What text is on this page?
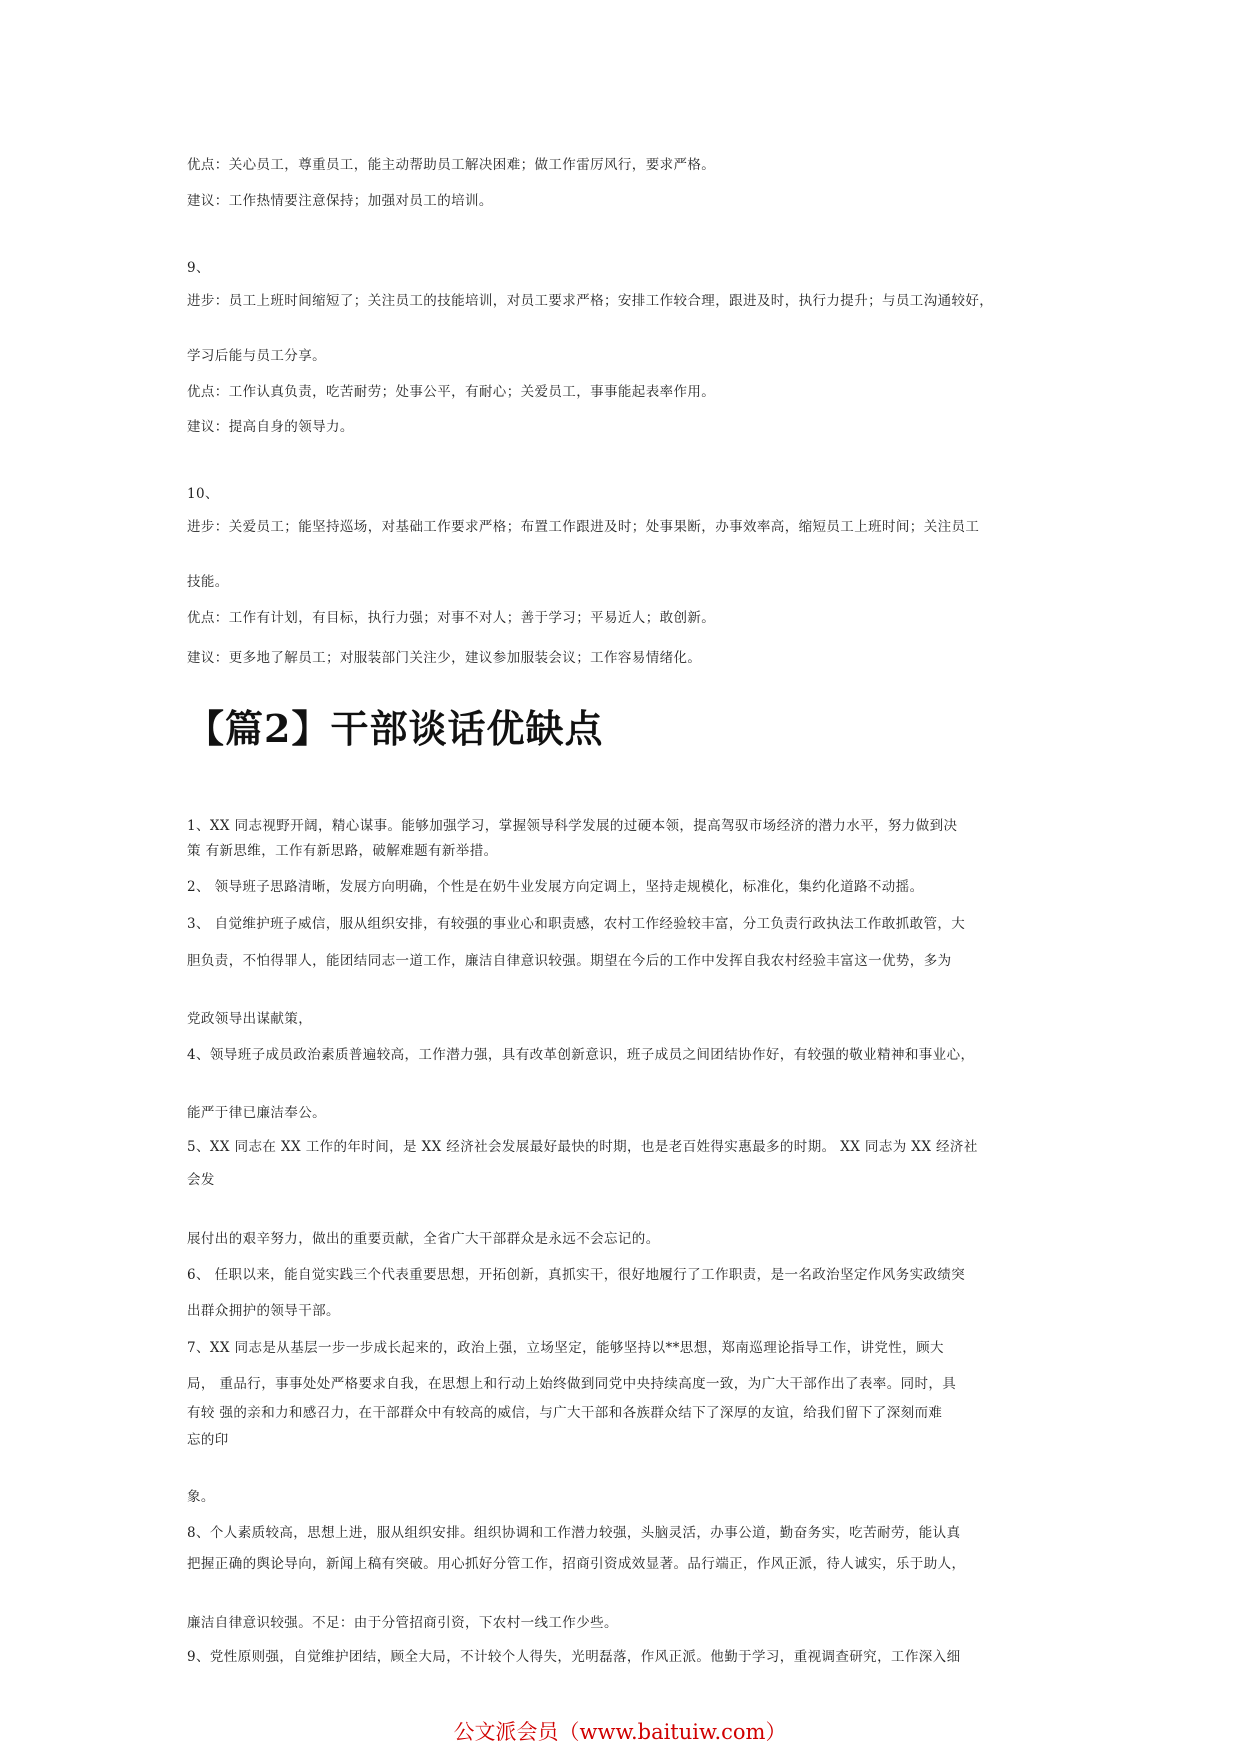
优点：关心员工，尊重员工，能主动帮助员工解决困难；做工作雷厉风行，要求严格。
建议：工作热情要注意保持；加强对员工的培训。
9、
进步：员工上班时间缩短了；关注员工的技能培训，对员工要求严格；安排工作较合理，跟进及时，执行力提升；与员工沟通较好，
学习后能与员工分享。
优点：工作认真负责，吃苦耐劳；处事公平，有耐心；关爱员工，事事能起表率作用。
建议：提高自身的领导力。
10、
进步：关爱员工；能坚持巡场，对基础工作要求严格；布置工作跟进及时；处事果断，办事效率高，缩短员工上班时间；关注员工
技能。
优点：工作有计划，有目标，执行力强；对事不对人；善于学习；平易近人；敢创新。
建议：更多地了解员工；对服装部门关注少，建议参加服装会议；工作容易情绪化。
【篇2】干部谈话优缺点
1、XX 同志视野开阔，精心谋事。能够加强学习，掌握领导科学发展的过硬本领，提高驾驭市场经济的潜力水平，努力做到决
策 有新思维，工作有新思路，破解难题有新举措。
2、 领导班子思路清晰，发展方向明确，个性是在奶牛业发展方向定调上，坚持走规模化，标准化，集约化道路不动摇。
3、 自觉维护班子威信，服从组织安排，有较强的事业心和职责感，农村工作经验较丰富，分工负责行政执法工作敢抓敢管，大
胆负责，不怕得罪人，能团结同志一道工作，廉洁自律意识较强。期望在今后的工作中发挥自我农村经验丰富这一优势，多为
党政领导出谋献策，
4、领导班子成员政治素质普遍较高，工作潜力强，具有改革创新意识，班子成员之间团结协作好，有较强的敬业精神和事业心，
能严于律已廉洁奉公。
5、XX 同志在 XX 工作的年时间，是 XX 经济社会发展最好最快的时期，也是老百姓得实惠最多的时期。 XX 同志为 XX 经济社
会发
展付出的艰辛努力，做出的重要贡献，全省广大干部群众是永远不会忘记的。
6、 任职以来，能自觉实践三个代表重要思想，开拓创新，真抓实干，很好地履行了工作职责，是一名政治坚定作风务实政绩突
出群众拥护的领导干部。
7、XX 同志是从基层一步一步成长起来的，政治上强，立场坚定，能够坚持以**思想，郑南巡理论指导工作，讲党性，顾大
局， 重品行，事事处处严格要求自我，在思想上和行动上始终做到同党中央持续高度一致，为广大干部作出了表率。同时，具
有较 强的亲和力和感召力，在干部群众中有较高的威信，与广大干部和各族群众结下了深厚的友谊，给我们留下了深刻而难
忘的印
象。
8、个人素质较高，思想上进，服从组织安排。组织协调和工作潜力较强，头脑灵活，办事公道，勤奋务实，吃苦耐劳，能认真
把握正确的舆论导向，新闻上稿有突破。用心抓好分管工作，招商引资成效显著。品行端正，作风正派，待人诚实，乐于助人，
廉洁自律意识较强。不足：由于分管招商引资，下农村一线工作少些。
9、党性原则强，自觉维护团结，顾全大局，不计较个人得失，光明磊落，作风正派。他勤于学习，重视调查研究，工作深入细
公文派会员（www.baituiw.com）
